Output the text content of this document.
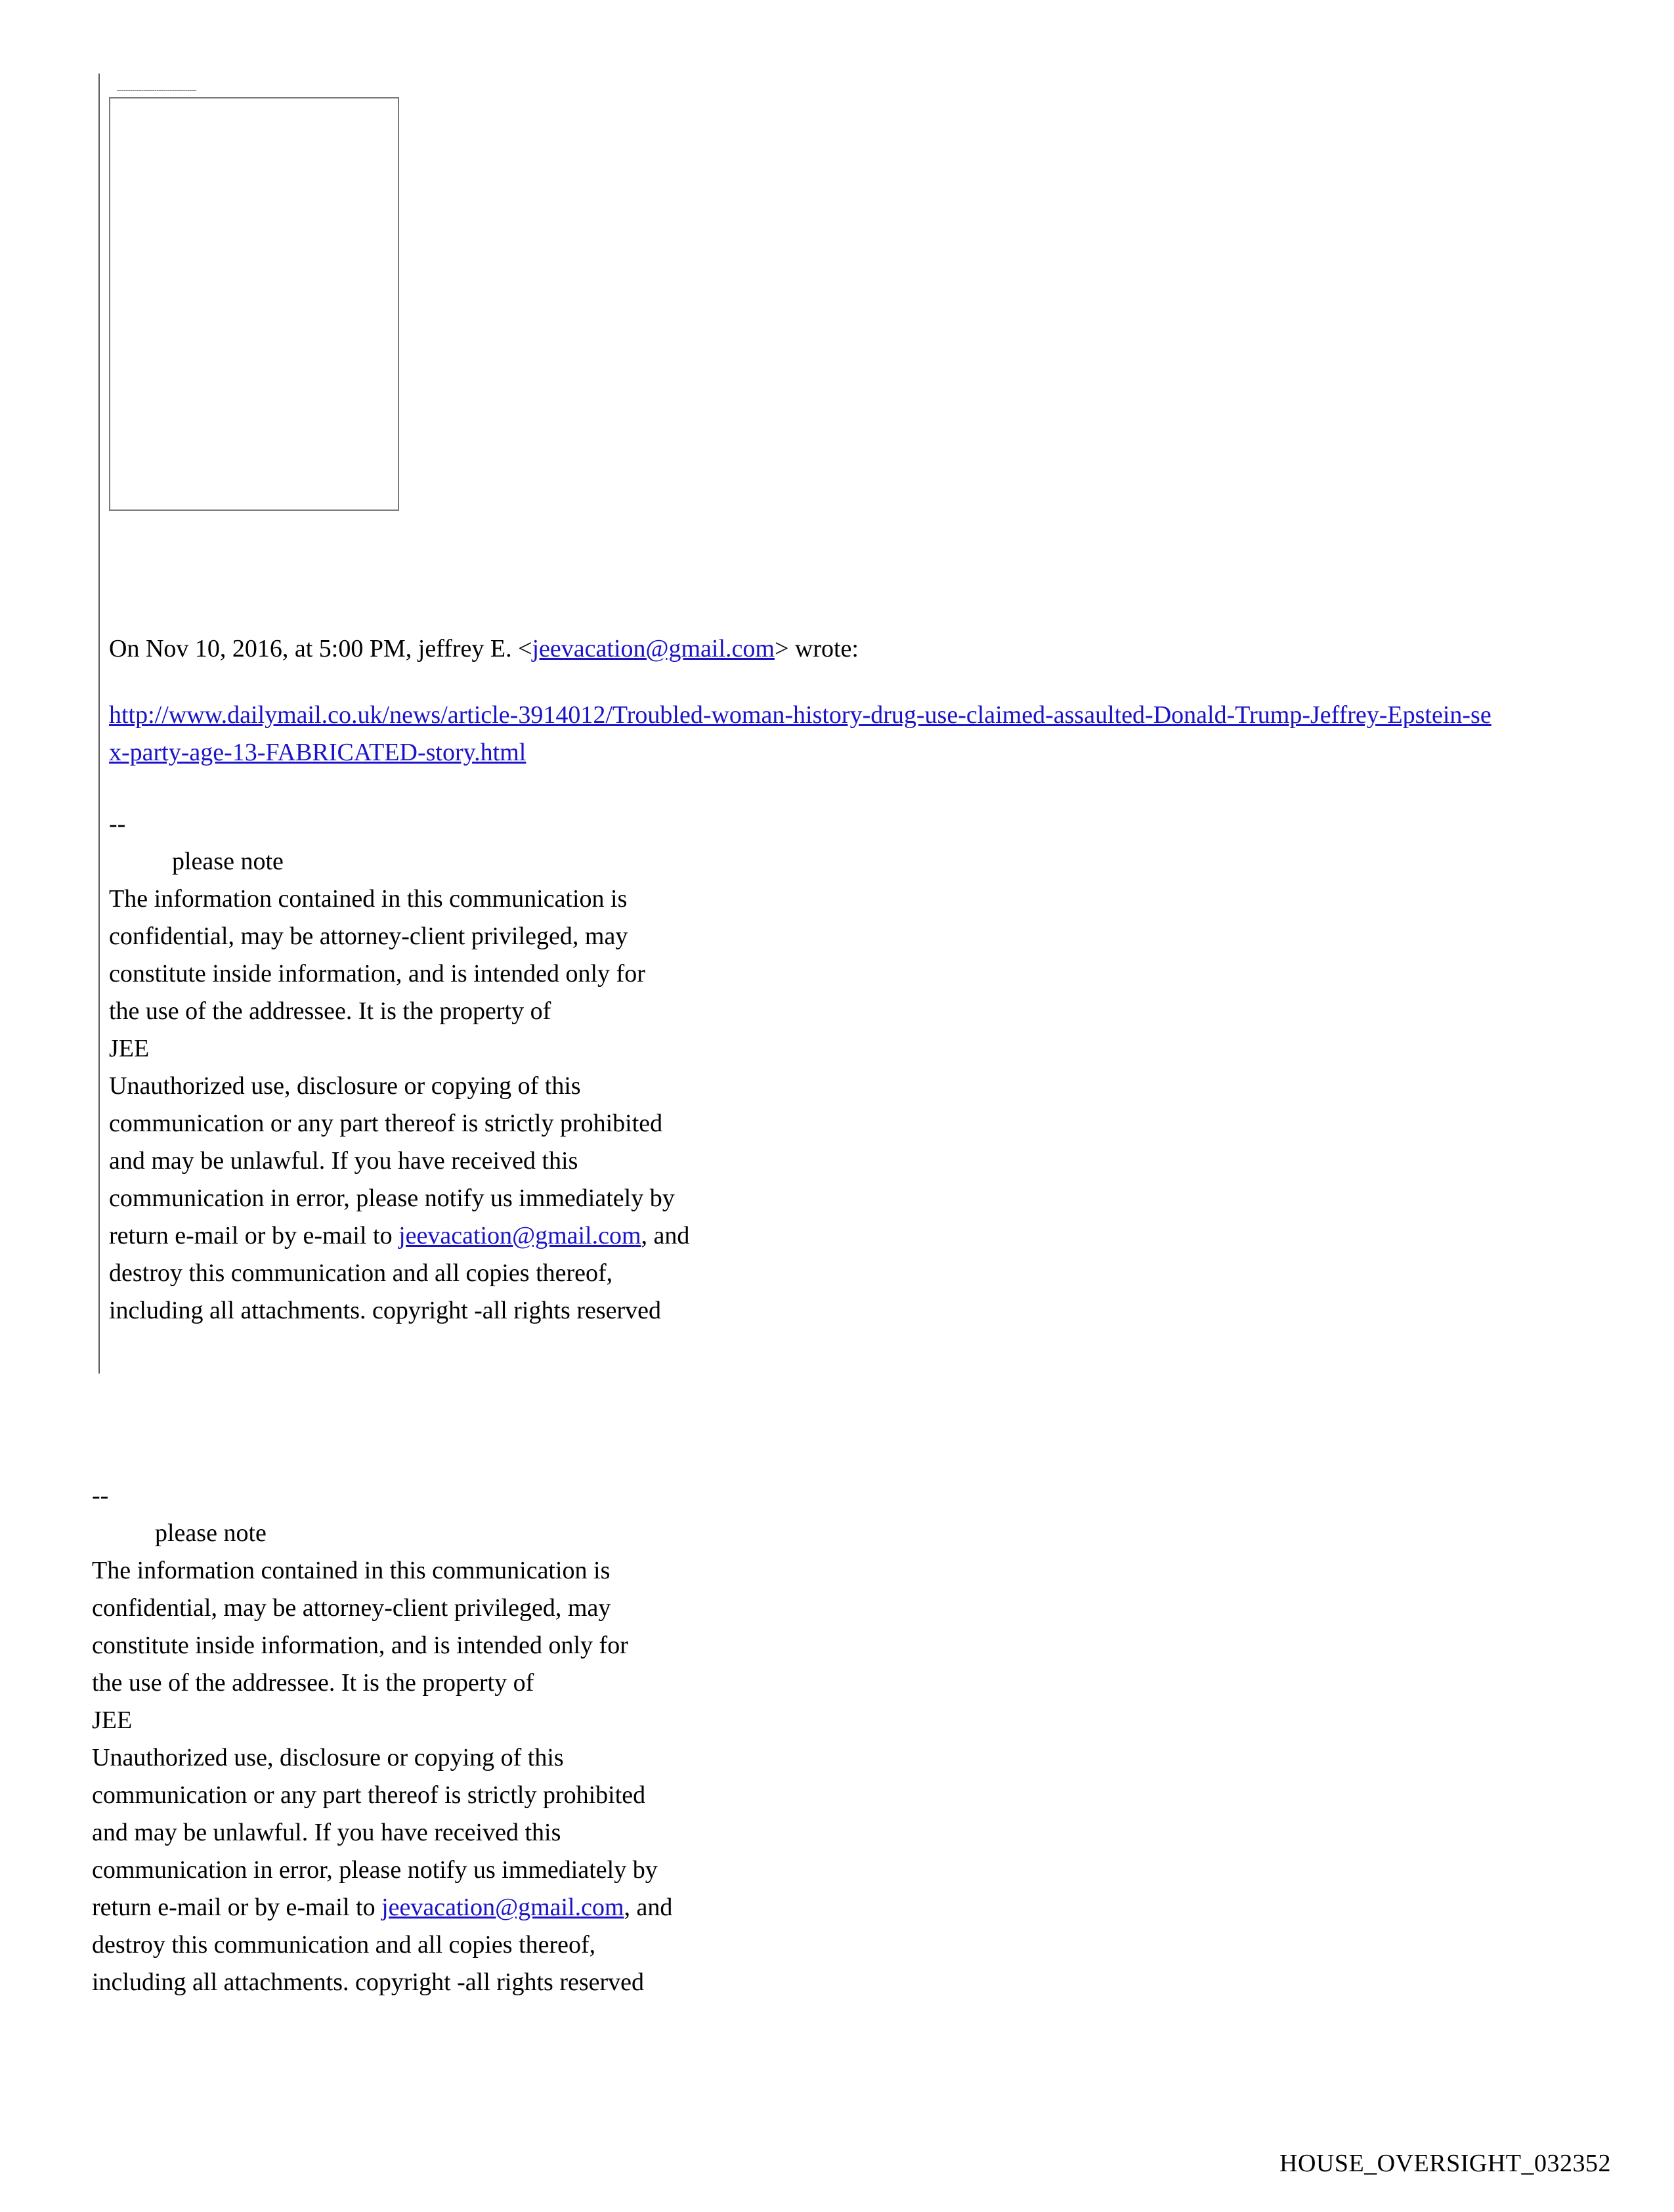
------------------------------------
On Nov 10, 2016, at 5:00 PM, jeffrey E. <jeevacation@gmail.com> wrote:
http://www.dailymail.co.uk/news/article-3914012/Troubled-woman-history-drug-use-claimed-assaulted-Donald-Trump-Jeffrey-Epstein-sex-party-age-13-FABRICATED-story.html
--
please note
The information contained in this communication is
confidential, may be attorney-client privileged, may
constitute inside information, and is intended only for
the use of the addressee. It is the property of
JEE
Unauthorized use, disclosure or copying of this
communication or any part thereof is strictly prohibited
and may be unlawful. If you have received this
communication in error, please notify us immediately by
return e-mail or by e-mail to jeevacation@gmail.com, and
destroy this communication and all copies thereof,
including all attachments. copyright -all rights reserved
--
please note
The information contained in this communication is
confidential, may be attorney-client privileged, may
constitute inside information, and is intended only for
the use of the addressee. It is the property of
JEE
Unauthorized use, disclosure or copying of this
communication or any part thereof is strictly prohibited
and may be unlawful. If you have received this
communication in error, please notify us immediately by
return e-mail or by e-mail to jeevacation@gmail.com, and
destroy this communication and all copies thereof,
including all attachments. copyright -all rights reserved
HOUSE_OVERSIGHT_032352
